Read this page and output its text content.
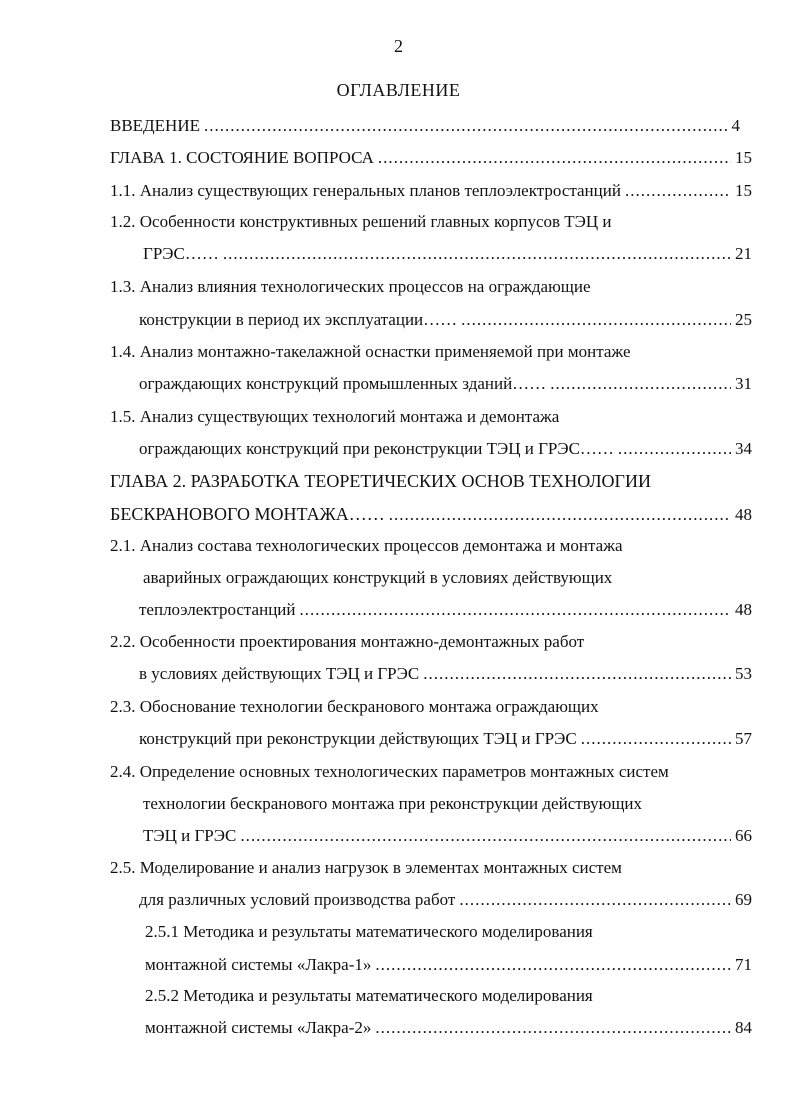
2
ОГЛАВЛЕНИЕ
ВВЕДЕНИЕ .....	4
ГЛАВА 1. СОСТОЯНИЕ ВОПРОСА .....	15
1.1. Анализ существующих генеральных планов теплоэлектростанций .....	15
1.2. Особенности конструктивных решений главных корпусов ТЭЦ и
ГРЭС…… .....	21
1.3. Анализ влияния технологических процессов на ограждающие
конструкции в период их эксплуатации…… .....	25
1.4. Анализ монтажно-такелажной оснастки применяемой при монтаже
ограждающих конструкций промышленных зданий…… .....	31
1.5. Анализ существующих технологий монтажа и демонтажа
ограждающих конструкций при реконструкции ТЭЦ и ГРЭС…… .....	34
ГЛАВА 2. РАЗРАБОТКА ТЕОРЕТИЧЕСКИХ ОСНОВ ТЕХНОЛОГИИ
БЕСКРАНОВОГО МОНТАЖА…… .....	48
2.1. Анализ состава технологических процессов демонтажа и монтажа
аварийных ограждающих конструкций в условиях действующих
теплоэлектростанций .....	48
2.2. Особенности проектирования монтажно-демонтажных работ
в условиях действующих ТЭЦ и ГРЭС .....	53
2.3. Обоснование технологии бескранового монтажа ограждающих
конструкций при реконструкции действующих ТЭЦ и ГРЭС .....	57
2.4. Определение основных технологических параметров монтажных систем
технологии бескранового монтажа при реконструкции действующих
ТЭЦ и ГРЭС .....	66
2.5. Моделирование и анализ нагрузок в элементах монтажных систем
для различных условий производства работ .....	69
2.5.1 Методика и результаты математического моделирования
монтажной системы «Лакра-1» .....	71
2.5.2 Методика и результаты математического моделирования
монтажной системы «Лакра-2» .....	84
